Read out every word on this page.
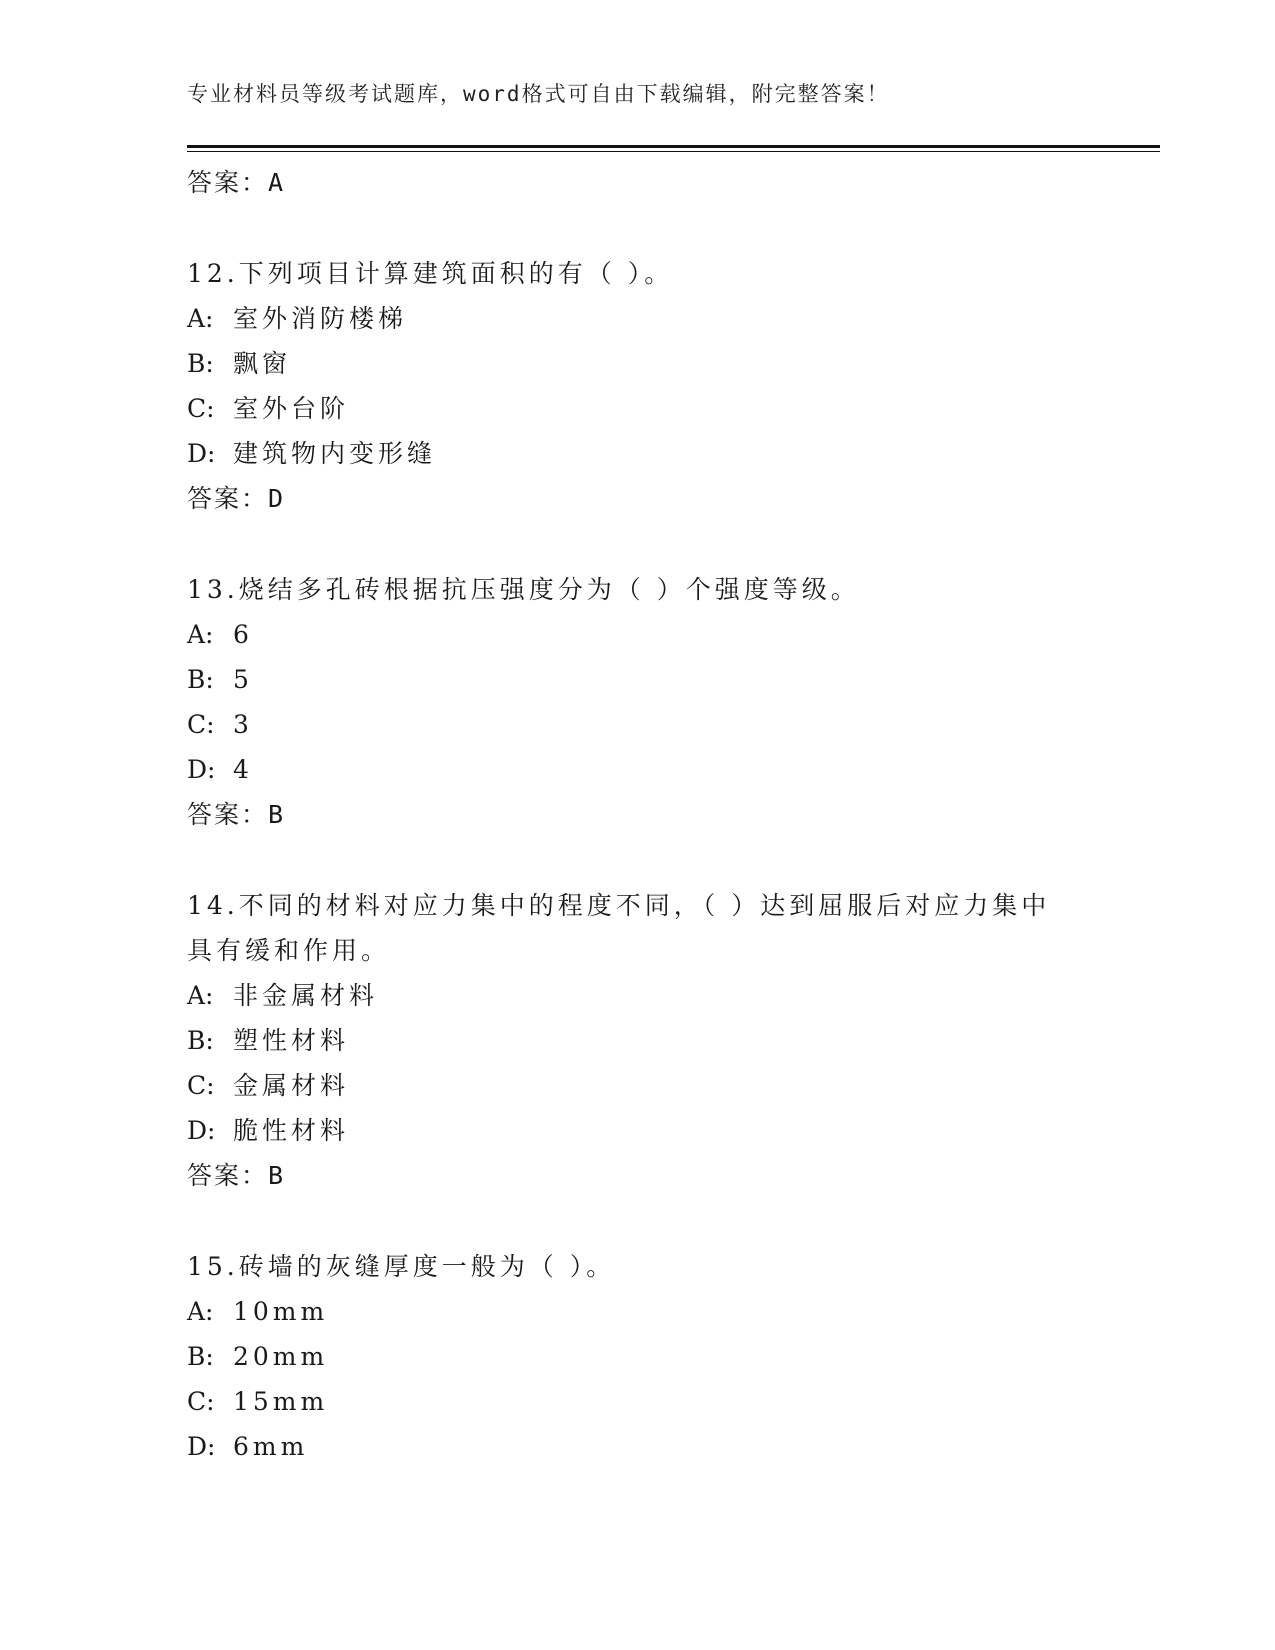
专业材料员等级考试题库，word格式可自由下载编辑，附完整答案！
答案：A
12.下列项目计算建筑面积的有（ ）。
A: 室外消防楼梯
B: 飘窗
C: 室外台阶
D: 建筑物内变形缝
答案：D
13.烧结多孔砖根据抗压强度分为（ ）个强度等级。
A: 6
B: 5
C: 3
D: 4
答案：B
14.不同的材料对应力集中的程度不同，（ ）达到屈服后对应力集中
具有缓和作用。
A: 非金属材料
B: 塑性材料
C: 金属材料
D: 脆性材料
答案：B
15.砖墙的灰缝厚度一般为（ ）。
A: 10mm
B: 20mm
C: 15mm
D: 6mm
